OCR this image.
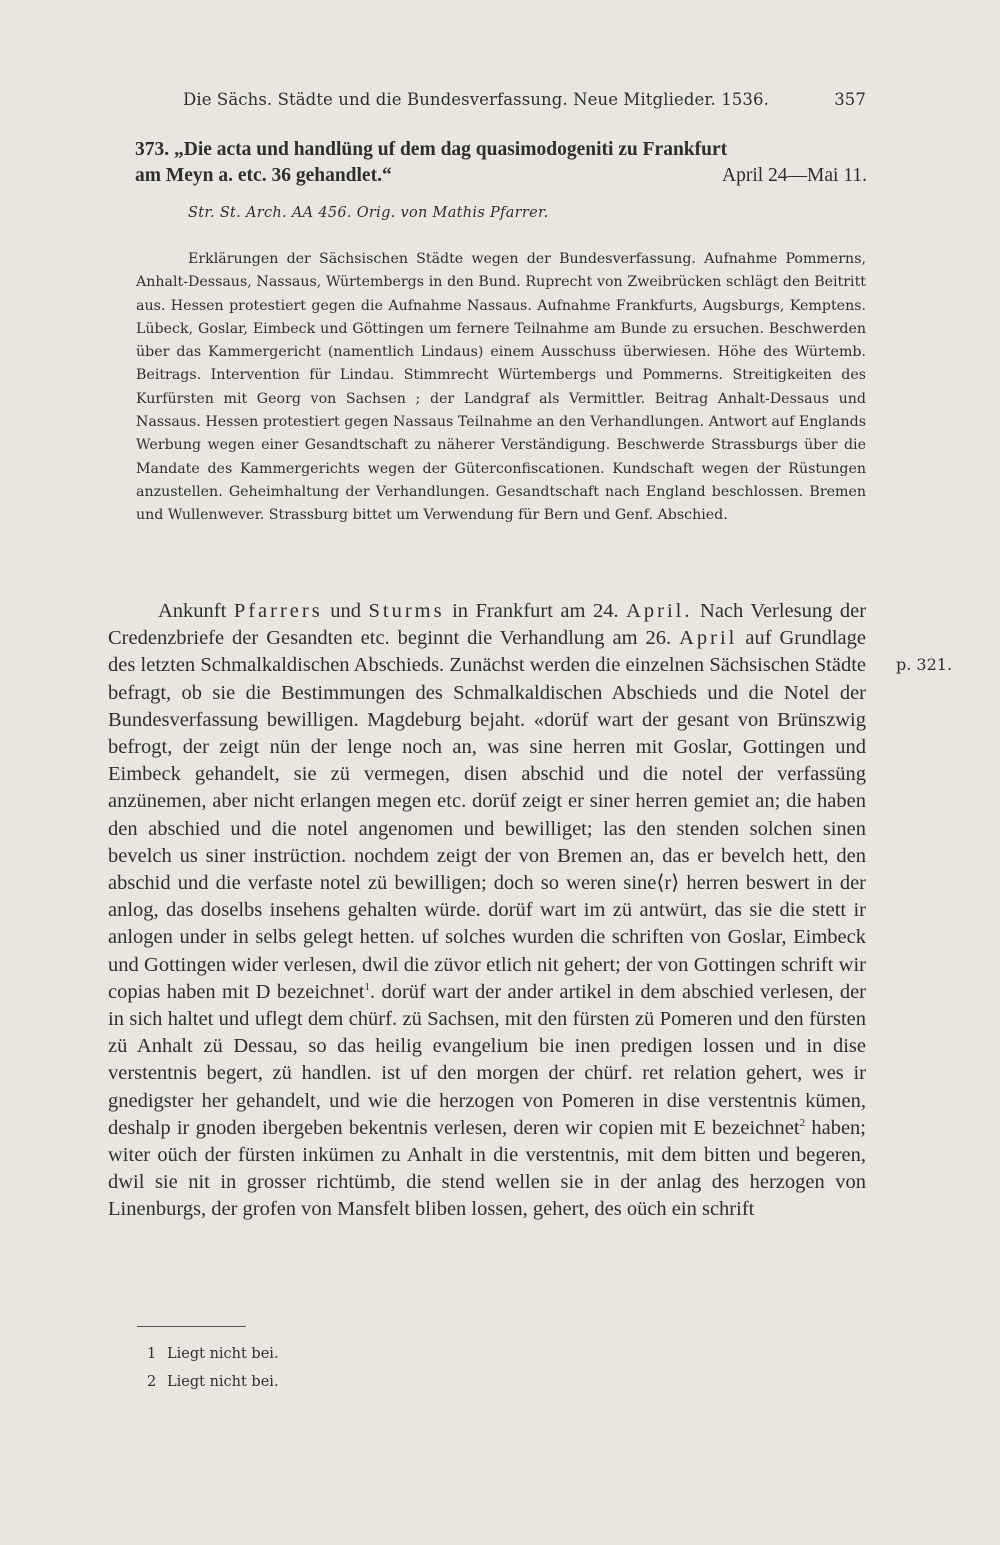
Die Sächs. Städte und die Bundesverfassung. Neue Mitglieder. 1536.	357
373. „Die acta und handlüng uf dem dag quasimodogeniti zu Frankfurt
am Meyn a. etc. 36 gehandlet.“	April 24—Mai 11.
Str. St. Arch. AA 456. Orig. von Mathis Pfarrer.

Erklärungen der Sächsischen Städte wegen der Bundesverfassung. Aufnahme Pommerns, Anhalt-Dessaus, Nassaus, Würtembergs in den Bund. Ruprecht von Zweibrücken schlägt den Beitritt aus. Hessen protestiert gegen die Aufnahme Nassaus. Aufnahme Frankfurts, Augsburgs, Kemptens. Lübeck, Goslar, Eimbeck und Göttingen um fernere Teilnahme am Bunde zu ersuchen. Beschwerden über das Kammergericht (namentlich Lindaus) einem Ausschuss überwiesen. Höhe des Würtemb. Beitrags. Intervention für Lindau. Stimmrecht Würtembergs und Pommerns. Streitigkeiten des Kurfürsten mit Georg von Sachsen ; der Landgraf als Vermittler. Beitrag Anhalt-Dessaus und Nassaus. Hessen protestiert gegen Nassaus Teilnahme an den Verhandlungen. Antwort auf Englands Werbung wegen einer Gesandtschaft zu näherer Verständigung. Beschwerde Strassburgs über die Mandate des Kammergerichts wegen der Güterconfiscationen. Kundschaft wegen der Rüstungen anzustellen. Geheimhaltung der Verhandlungen. Gesandtschaft nach England beschlossen. Bremen und Wullenwever. Strassburg bittet um Verwendung für Bern und Genf. Abschied.

Ankunft Pfarrers und Sturms in Frankfurt am 24. April. Nach Verlesung der Credenzbriefe der Gesandten etc. beginnt die Verhandlung am 26. April auf Grundlage des letzten Schmalkaldischen Abschieds. Zunächst werden die einzelnen Sächsischen Städte befragt, ob sie die Bestimmungen des Schmalkaldischen Abschieds und die Notel der Bundesverfassung bewilligen. Magdeburg bejaht. «dorüf wart der gesant von Brünszwig befrogt, der zeigt nün der lenge noch an, was sine herren mit Goslar, Gottingen und Eimbeck gehandelt, sie zü vermegen, disen abschid und die notel der verfassüng anzünemen, aber nicht erlangen megen etc. dorüf zeigt er siner herren gemiet an; die haben den abschied und die notel angenomen und bewilliget; las den stenden solchen sinen bevelch us siner instrüction. nochdem zeigt der von Bremen an, das er bevelch hett, den abschid und die verfaste notel zü bewilligen; doch so weren sine⟨r⟩ herren beswert in der anlog, das doselbs insehens gehalten würde. dorüf wart im zü antwürt, das sie die stett ir anlogen under in selbs gelegt hetten. uf solches wurden die schriften von Goslar, Eimbeck und Gottingen wider verlesen, dwil die züvor etlich nit gehert; der von Gottingen schrift wir copias haben mit D bezeichnet$^1$. dorüf wart der ander artikel in dem abschied verlesen, der in sich haltet und uflegt dem chürf. zü Sachsen, mit den fürsten zü Pomeren und den fürsten zü Anhalt zü Dessau, so das heilig evangelium bie inen predigen lossen und in dise verstentnis begert, zü handlen. ist uf den morgen der chürf. ret relation gehert, wes ir gnedigster her gehandelt, und wie die herzogen von Pomeren in dise verstentnis kümen, deshalp ir gnoden ibergeben bekentnis verlesen, deren wir copien mit E bezeichnet$^2$ haben; witer oüch der fürsten inkümen zu Anhalt in die verstentnis, mit dem bitten und begeren, dwil sie nit in grosser richtümb, die stend wellen sie in der anlag des herzogen von Linenburgs, der grofen von Mansfelt bliben lossen, gehert, des oüch ein schrift

p. 321.
1 Liegt nicht bei.
2 Liegt nicht bei.
